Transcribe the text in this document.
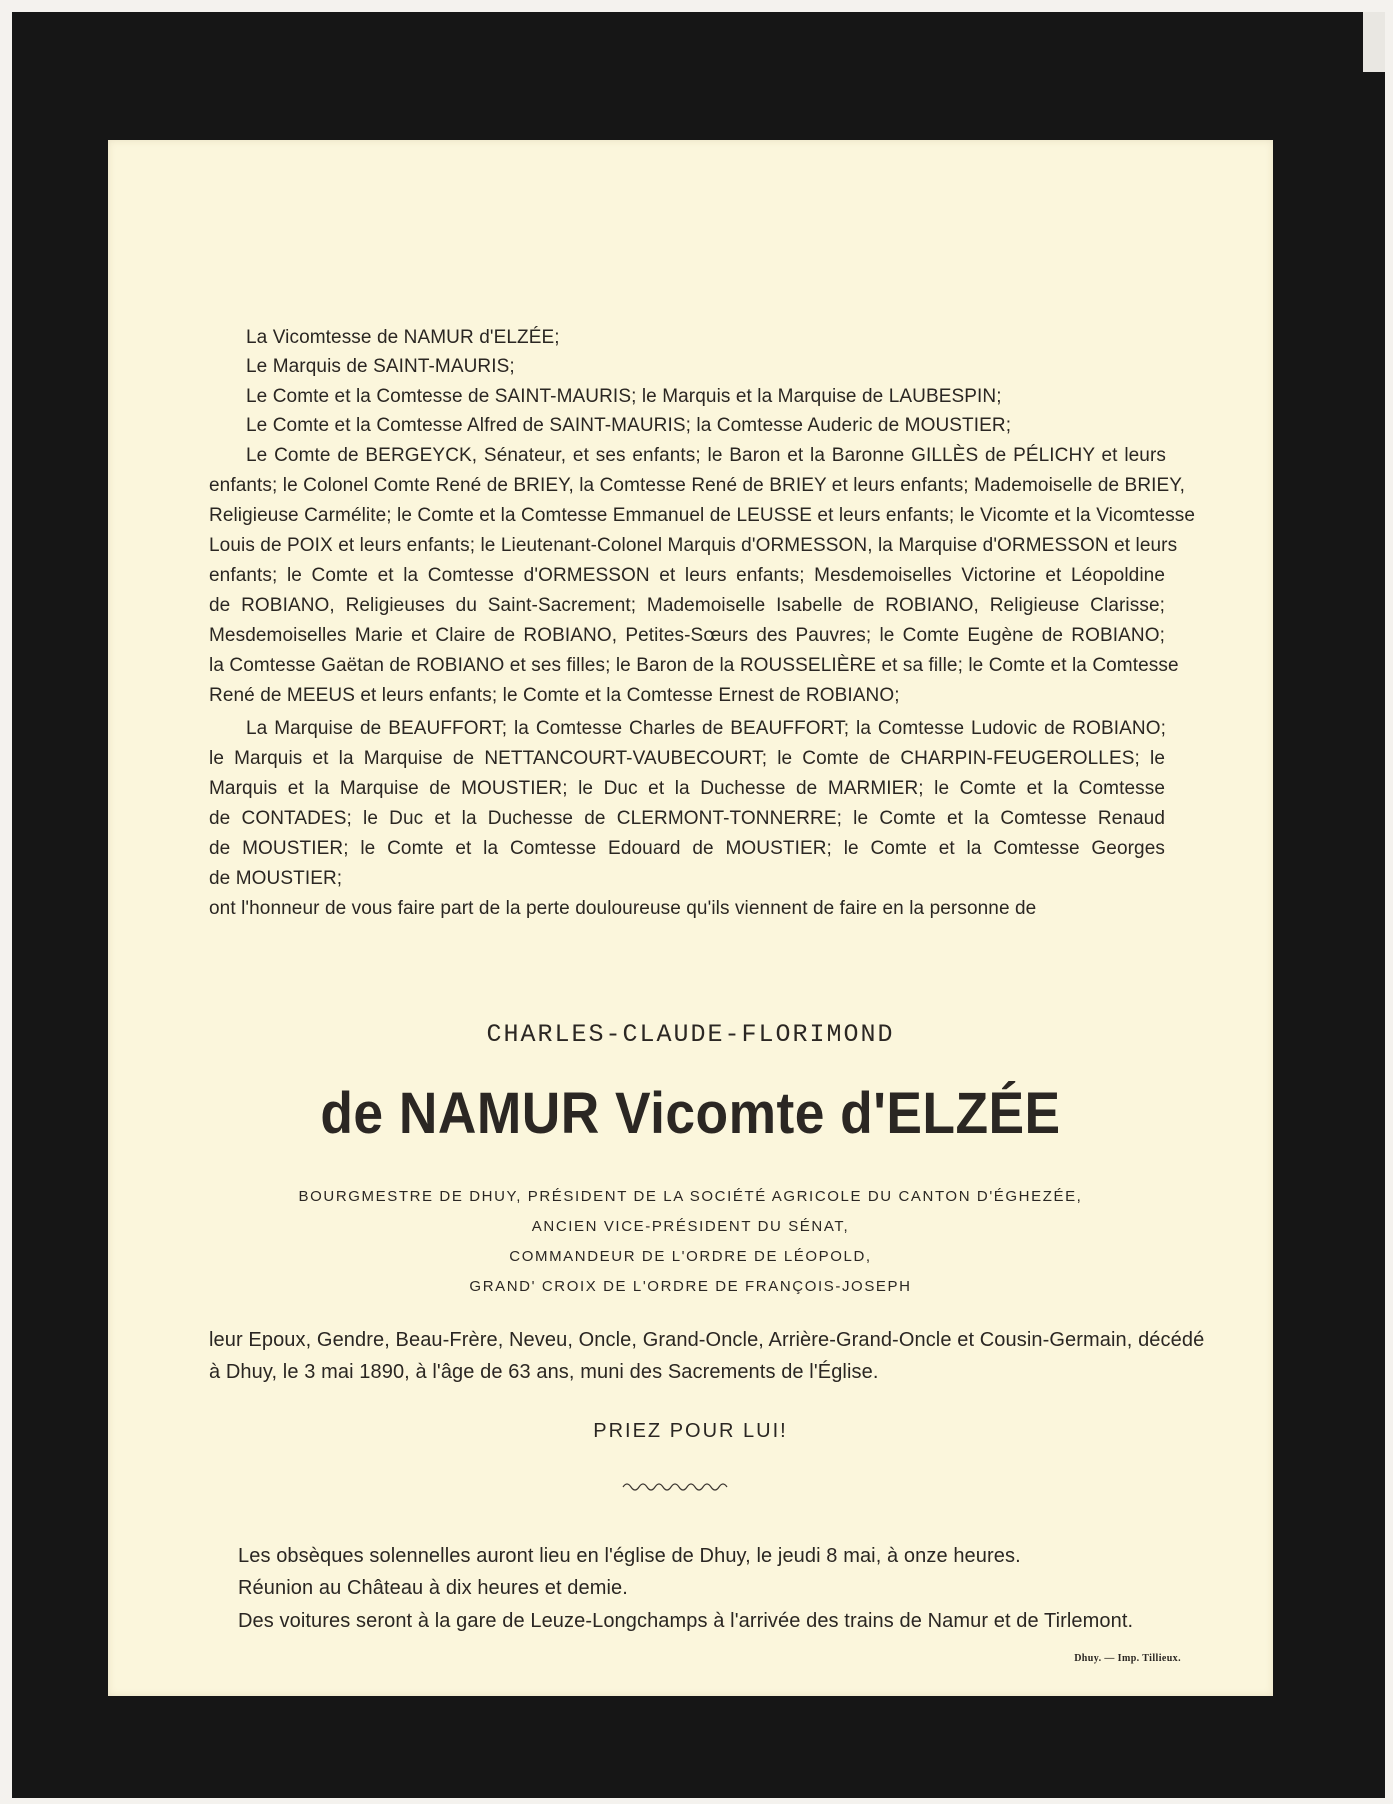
La Vicomtesse de NAMUR d'ELZÉE;
Le Marquis de SAINT-MAURIS;
Le Comte et la Comtesse de SAINT-MAURIS; le Marquis et la Marquise de LAUBESPIN;
Le Comte et la Comtesse Alfred de SAINT-MAURIS; la Comtesse Auderic de MOUSTIER;
Le Comte de BERGEYCK, Sénateur, et ses enfants; le Baron et la Baronne GILLÈS de PÉLICHY et leurs
enfants; le Colonel Comte René de BRIEY, la Comtesse René de BRIEY et leurs enfants; Mademoiselle de BRIEY,
Religieuse Carmélite; le Comte et la Comtesse Emmanuel de LEUSSE et leurs enfants; le Vicomte et la Vicomtesse
Louis de POIX et leurs enfants; le Lieutenant-Colonel Marquis d'ORMESSON, la Marquise d'ORMESSON et leurs
enfants; le Comte et la Comtesse d'ORMESSON et leurs enfants; Mesdemoiselles Victorine et Léopoldine
de ROBIANO, Religieuses du Saint-Sacrement; Mademoiselle Isabelle de ROBIANO, Religieuse Clarisse;
Mesdemoiselles Marie et Claire de ROBIANO, Petites-Sœurs des Pauvres; le Comte Eugène de ROBIANO;
la Comtesse Gaëtan de ROBIANO et ses filles; le Baron de la ROUSSELIÈRE et sa fille; le Comte et la Comtesse
René de MEEUS et leurs enfants; le Comte et la Comtesse Ernest de ROBIANO;
La Marquise de BEAUFFORT; la Comtesse Charles de BEAUFFORT; la Comtesse Ludovic de ROBIANO;
le Marquis et la Marquise de NETTANCOURT-VAUBECOURT; le Comte de CHARPIN-FEUGEROLLES; le
Marquis et la Marquise de MOUSTIER; le Duc et la Duchesse de MARMIER; le Comte et la Comtesse
de CONTADES; le Duc et la Duchesse de CLERMONT-TONNERRE; le Comte et la Comtesse Renaud
de MOUSTIER; le Comte et la Comtesse Edouard de MOUSTIER; le Comte et la Comtesse Georges
de MOUSTIER;
ont l'honneur de vous faire part de la perte douloureuse qu'ils viennent de faire en la personne de
CHARLES-CLAUDE-FLORIMOND
de NAMUR Vicomte d'ELZÉE
BOURGMESTRE DE DHUY, PRÉSIDENT DE LA SOCIÉTÉ AGRICOLE DU CANTON D'ÉGHEZÉE,
ANCIEN VICE-PRÉSIDENT DU SÉNAT,
COMMANDEUR DE L'ORDRE DE LÉOPOLD,
GRAND' CROIX DE L'ORDRE DE FRANÇOIS-JOSEPH
leur Epoux, Gendre, Beau-Frère, Neveu, Oncle, Grand-Oncle, Arrière-Grand-Oncle et Cousin-Germain, décédé
à Dhuy, le 3 mai 1890, à l'âge de 63 ans, muni des Sacrements de l'Église.
PRIEZ POUR LUI!
Les obsèques solennelles auront lieu en l'église de Dhuy, le jeudi 8 mai, à onze heures.
Réunion au Château à dix heures et demie.
Des voitures seront à la gare de Leuze-Longchamps à l'arrivée des trains de Namur et de Tirlemont.
Dhuy. — Imp. Tillieux.
